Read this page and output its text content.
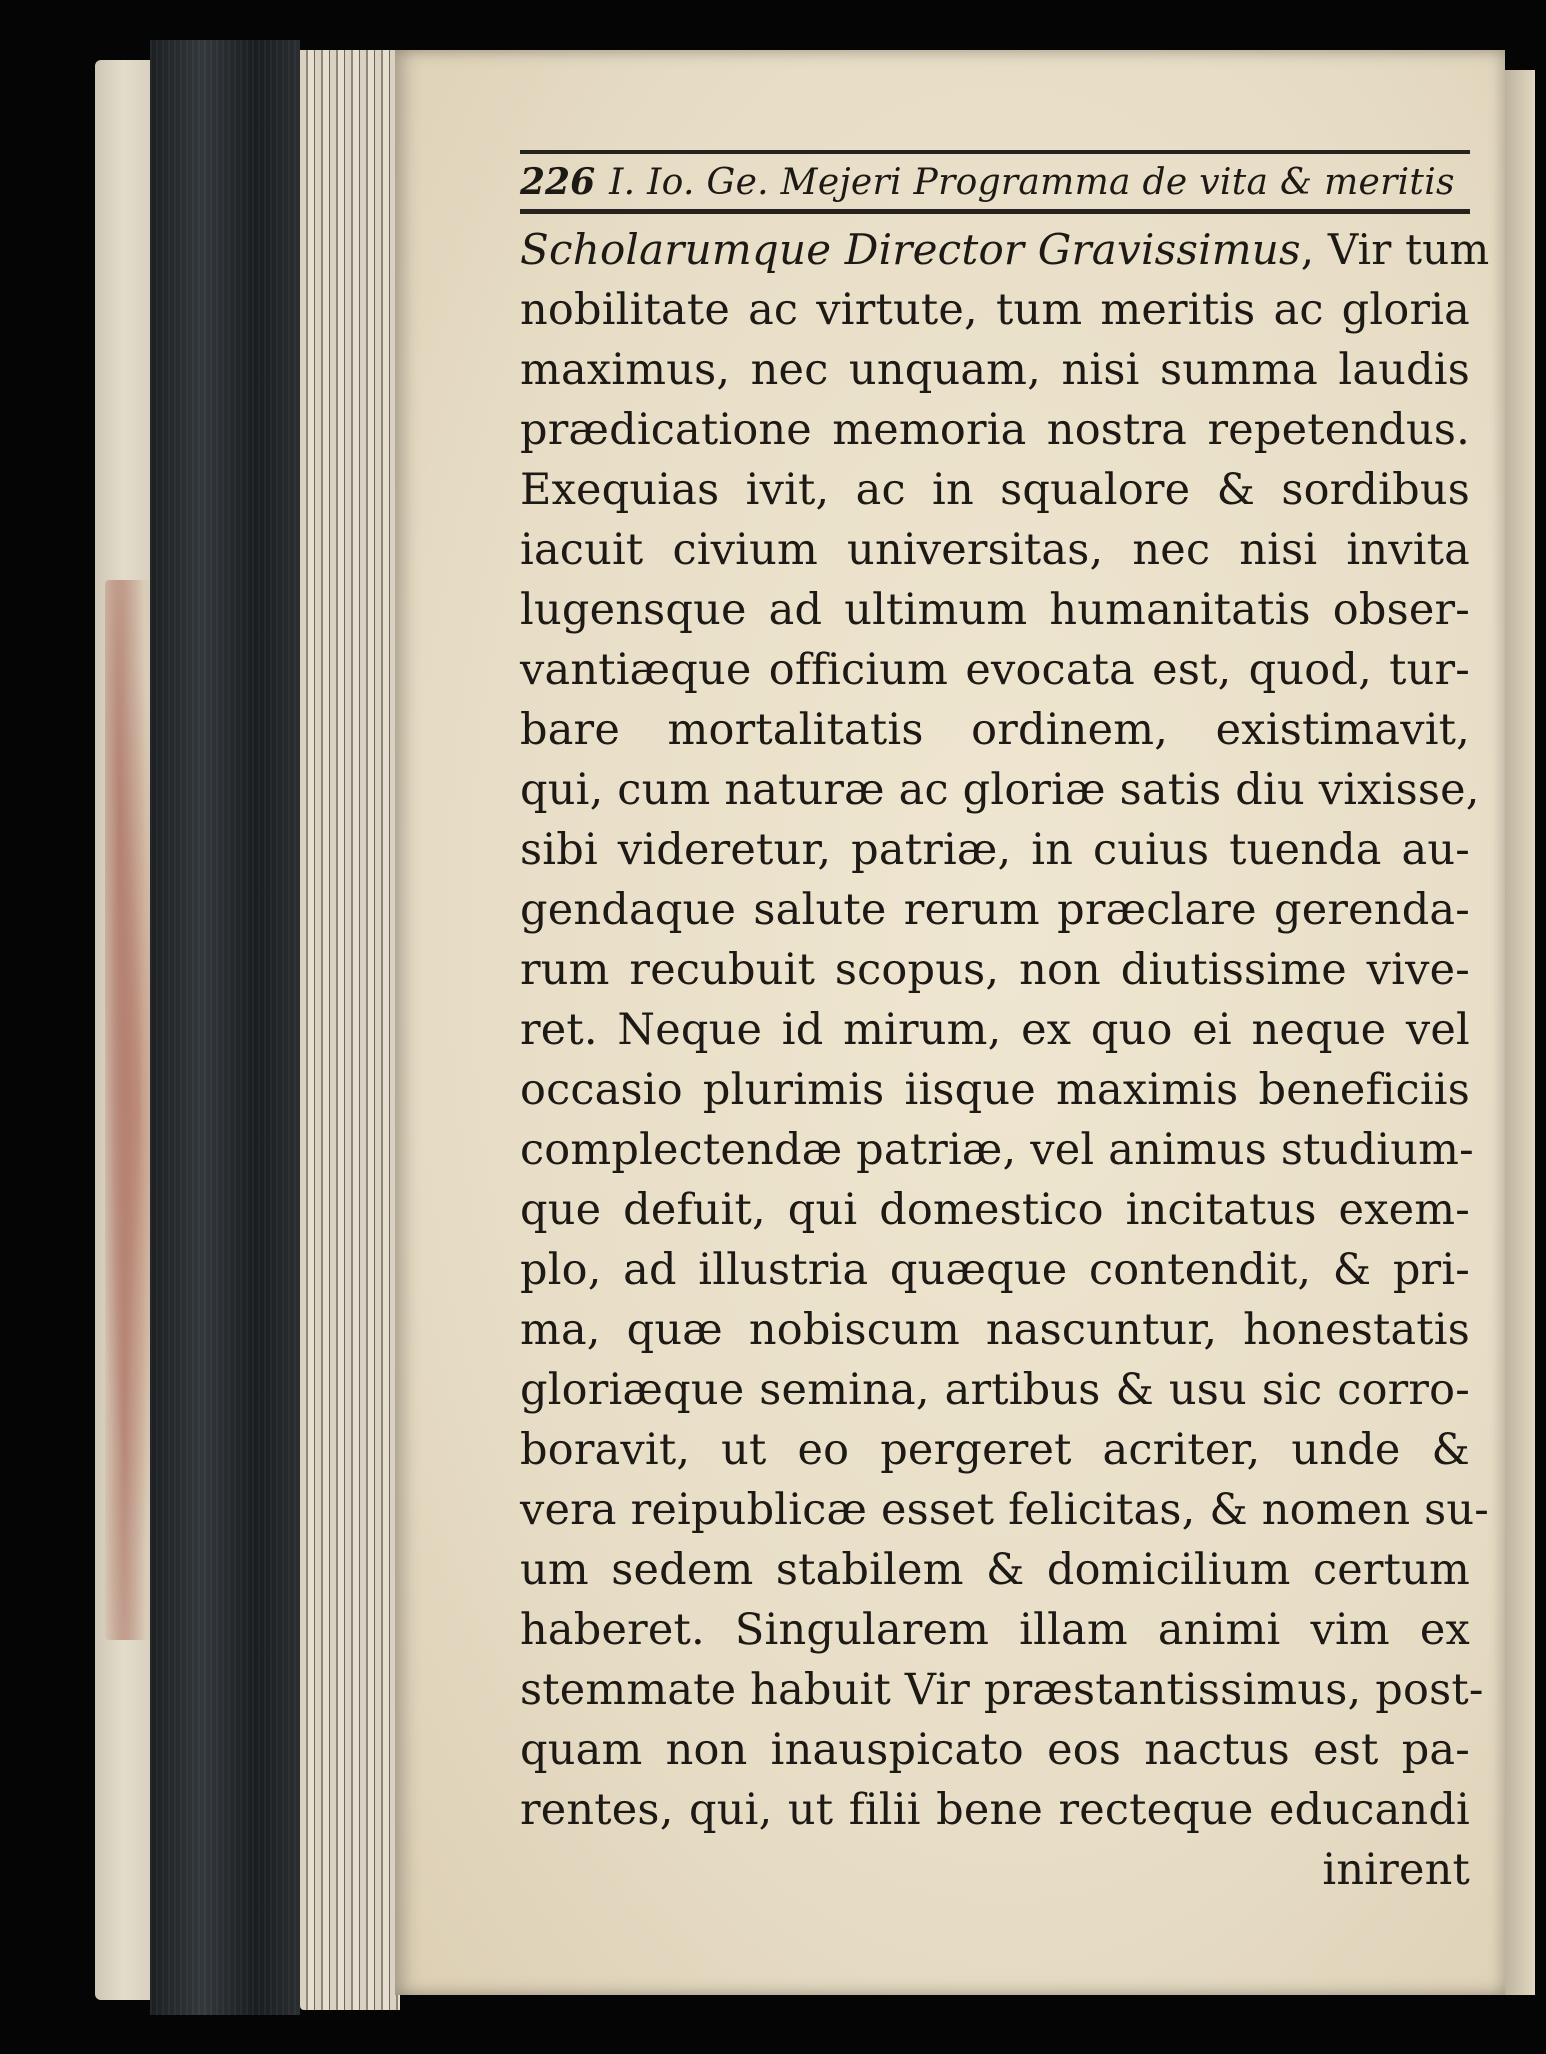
226 I. Io. Ge. Mejeri Programma de vita & meritis
Scholarumque Director Gravissimus, Vir tum
nobilitate ac virtute, tum meritis ac gloria
maximus, nec unquam, nisi summa laudis
prædicatione memoria nostra repetendus.
Exequias ivit, ac in squalore & sordibus
iacuit civium universitas, nec nisi invita
lugensque ad ultimum humanitatis obser-
vantiæque officium evocata est, quod, tur-
bare mortalitatis ordinem, existimavit,
qui, cum naturæ ac gloriæ satis diu vixisse,
sibi videretur, patriæ, in cuius tuenda au-
gendaque salute rerum præclare gerenda-
rum recubuit scopus, non diutissime vive-
ret. Neque id mirum, ex quo ei neque vel
occasio plurimis iisque maximis beneficiis
complectendæ patriæ, vel animus studium-
que defuit, qui domestico incitatus exem-
plo, ad illustria quæque contendit, & pri-
ma, quæ nobiscum nascuntur, honestatis
gloriæque semina, artibus & usu sic corro-
boravit, ut eo pergeret acriter, unde &
vera reipublicæ esset felicitas, & nomen su-
um sedem stabilem & domicilium certum
haberet. Singularem illam animi vim ex
stemmate habuit Vir præstantissimus, post-
quam non inauspicato eos nactus est pa-
rentes, qui, ut filii bene recteque educandi
inirent
